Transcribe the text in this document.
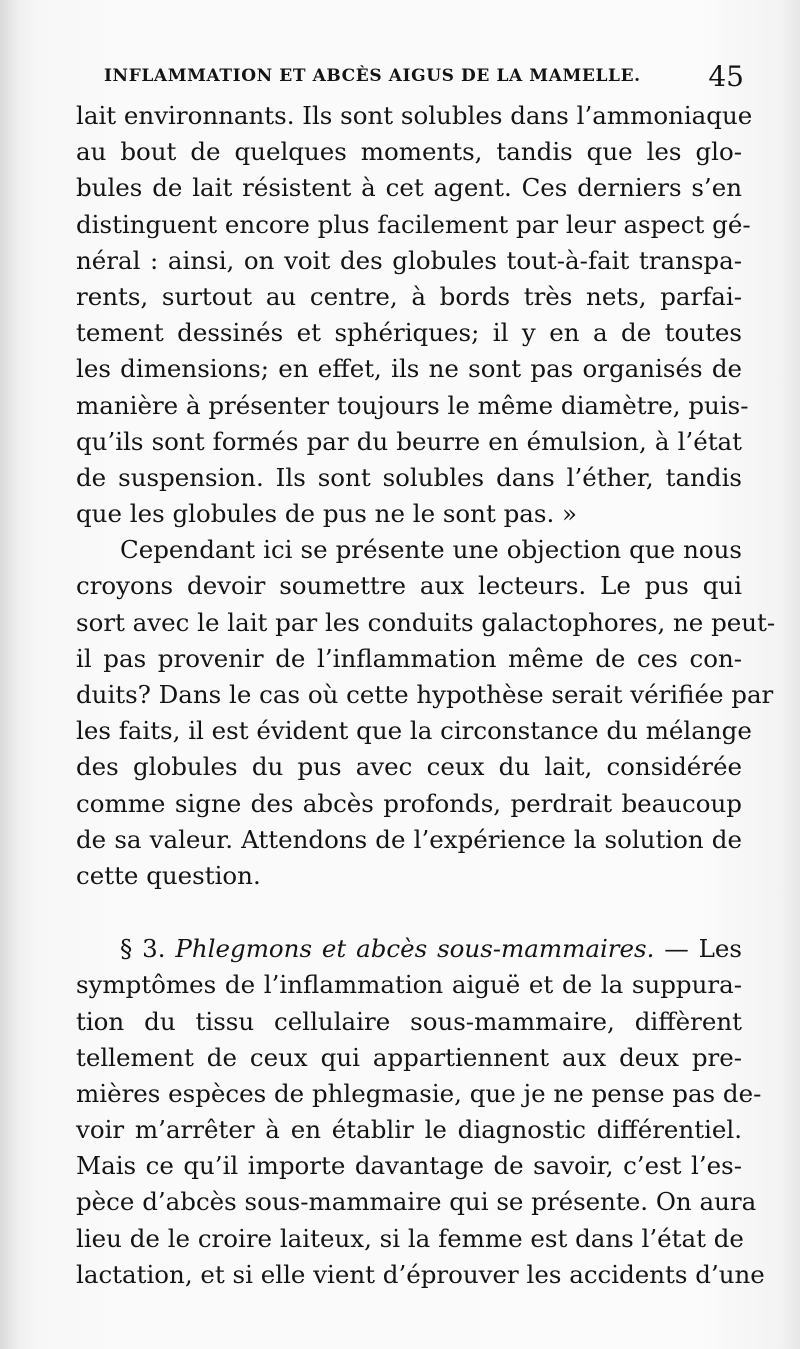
INFLAMMATION ET ABCÈS AIGUS DE LA MAMELLE. 45
lait environnants. Ils sont solubles dans l’ammoniaque
au bout de quelques moments, tandis que les glo-
bules de lait résistent à cet agent. Ces derniers s’en
distinguent encore plus facilement par leur aspect gé-
néral : ainsi, on voit des globules tout-à-fait transpa-
rents, surtout au centre, à bords très nets, parfai-
tement dessinés et sphériques; il y en a de toutes
les dimensions; en effet, ils ne sont pas organisés de
manière à présenter toujours le même diamètre, puis-
qu’ils sont formés par du beurre en émulsion, à l’état
de suspension. Ils sont solubles dans l’éther, tandis
que les globules de pus ne le sont pas. »
Cependant ici se présente une objection que nous
croyons devoir soumettre aux lecteurs. Le pus qui
sort avec le lait par les conduits galactophores, ne peut-
il pas provenir de l’inflammation même de ces con-
duits? Dans le cas où cette hypothèse serait vérifiée par
les faits, il est évident que la circonstance du mélange
des globules du pus avec ceux du lait, considérée
comme signe des abcès profonds, perdrait beaucoup
de sa valeur. Attendons de l’expérience la solution de
cette question.
§ 3. Phlegmons et abcès sous-mammaires. — Les
symptômes de l’inflammation aiguë et de la suppura-
tion du tissu cellulaire sous-mammaire, diffèrent
tellement de ceux qui appartiennent aux deux pre-
mières espèces de phlegmasie, que je ne pense pas de-
voir m’arrêter à en établir le diagnostic différentiel.
Mais ce qu’il importe davantage de savoir, c’est l’es-
pèce d’abcès sous-mammaire qui se présente. On aura
lieu de le croire laiteux, si la femme est dans l’état de
lactation, et si elle vient d’éprouver les accidents d’une
